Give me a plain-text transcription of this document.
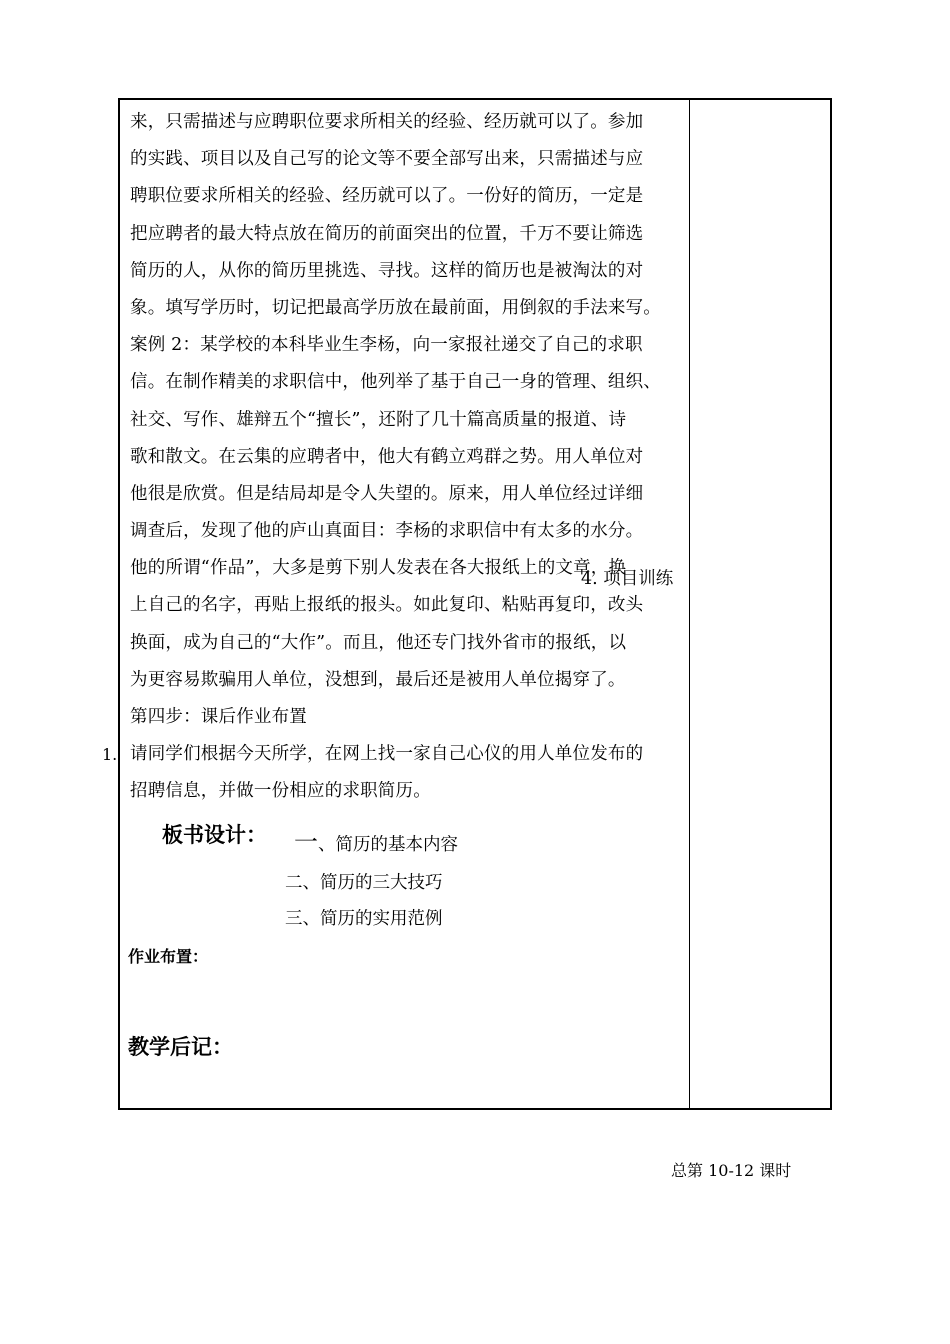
来，只需描述与应聘职位要求所相关的经验、经历就可以了。参加
的实践、项目以及自己写的论文等不要全部写出来，只需描述与应
聘职位要求所相关的经验、经历就可以了。一份好的简历，一定是
把应聘者的最大特点放在简历的前面突出的位置，千万不要让筛选
简历的人，从你的简历里挑选、寻找。这样的简历也是被淘汰的对
象。填写学历时，切记把最高学历放在最前面，用倒叙的手法来写。
案例 2：某学校的本科毕业生李杨，向一家报社递交了自己的求职
信。在制作精美的求职信中，他列举了基于自己一身的管理、组织、
社交、写作、雄辩五个“擅长”，还附了几十篇高质量的报道、诗
歌和散文。在云集的应聘者中，他大有鹤立鸡群之势。用人单位对
他很是欣赏。但是结局却是令人失望的。原来，用人单位经过详细
调查后，发现了他的庐山真面目：李杨的求职信中有太多的水分。
他的所谓“作品”，大多是剪下别人发表在各大报纸上的文章，换
上自己的名字，再贴上报纸的报头。如此复印、粘贴再复印，改头
换面，成为自己的“大作”。而且，他还专门找外省市的报纸，以
为更容易欺骗用人单位，没想到，最后还是被用人单位揭穿了。
第四步：课后作业布置
请同学们根据今天所学，在网上找一家自己心仪的用人单位发布的
招聘信息，并做一份相应的求职简历。
4. 项目训练
1.
板书设计： 一、简历的基本内容
二、简历的三大技巧
三、简历的实用范例
作业布置：
教学后记：
总第 10-12 课时
